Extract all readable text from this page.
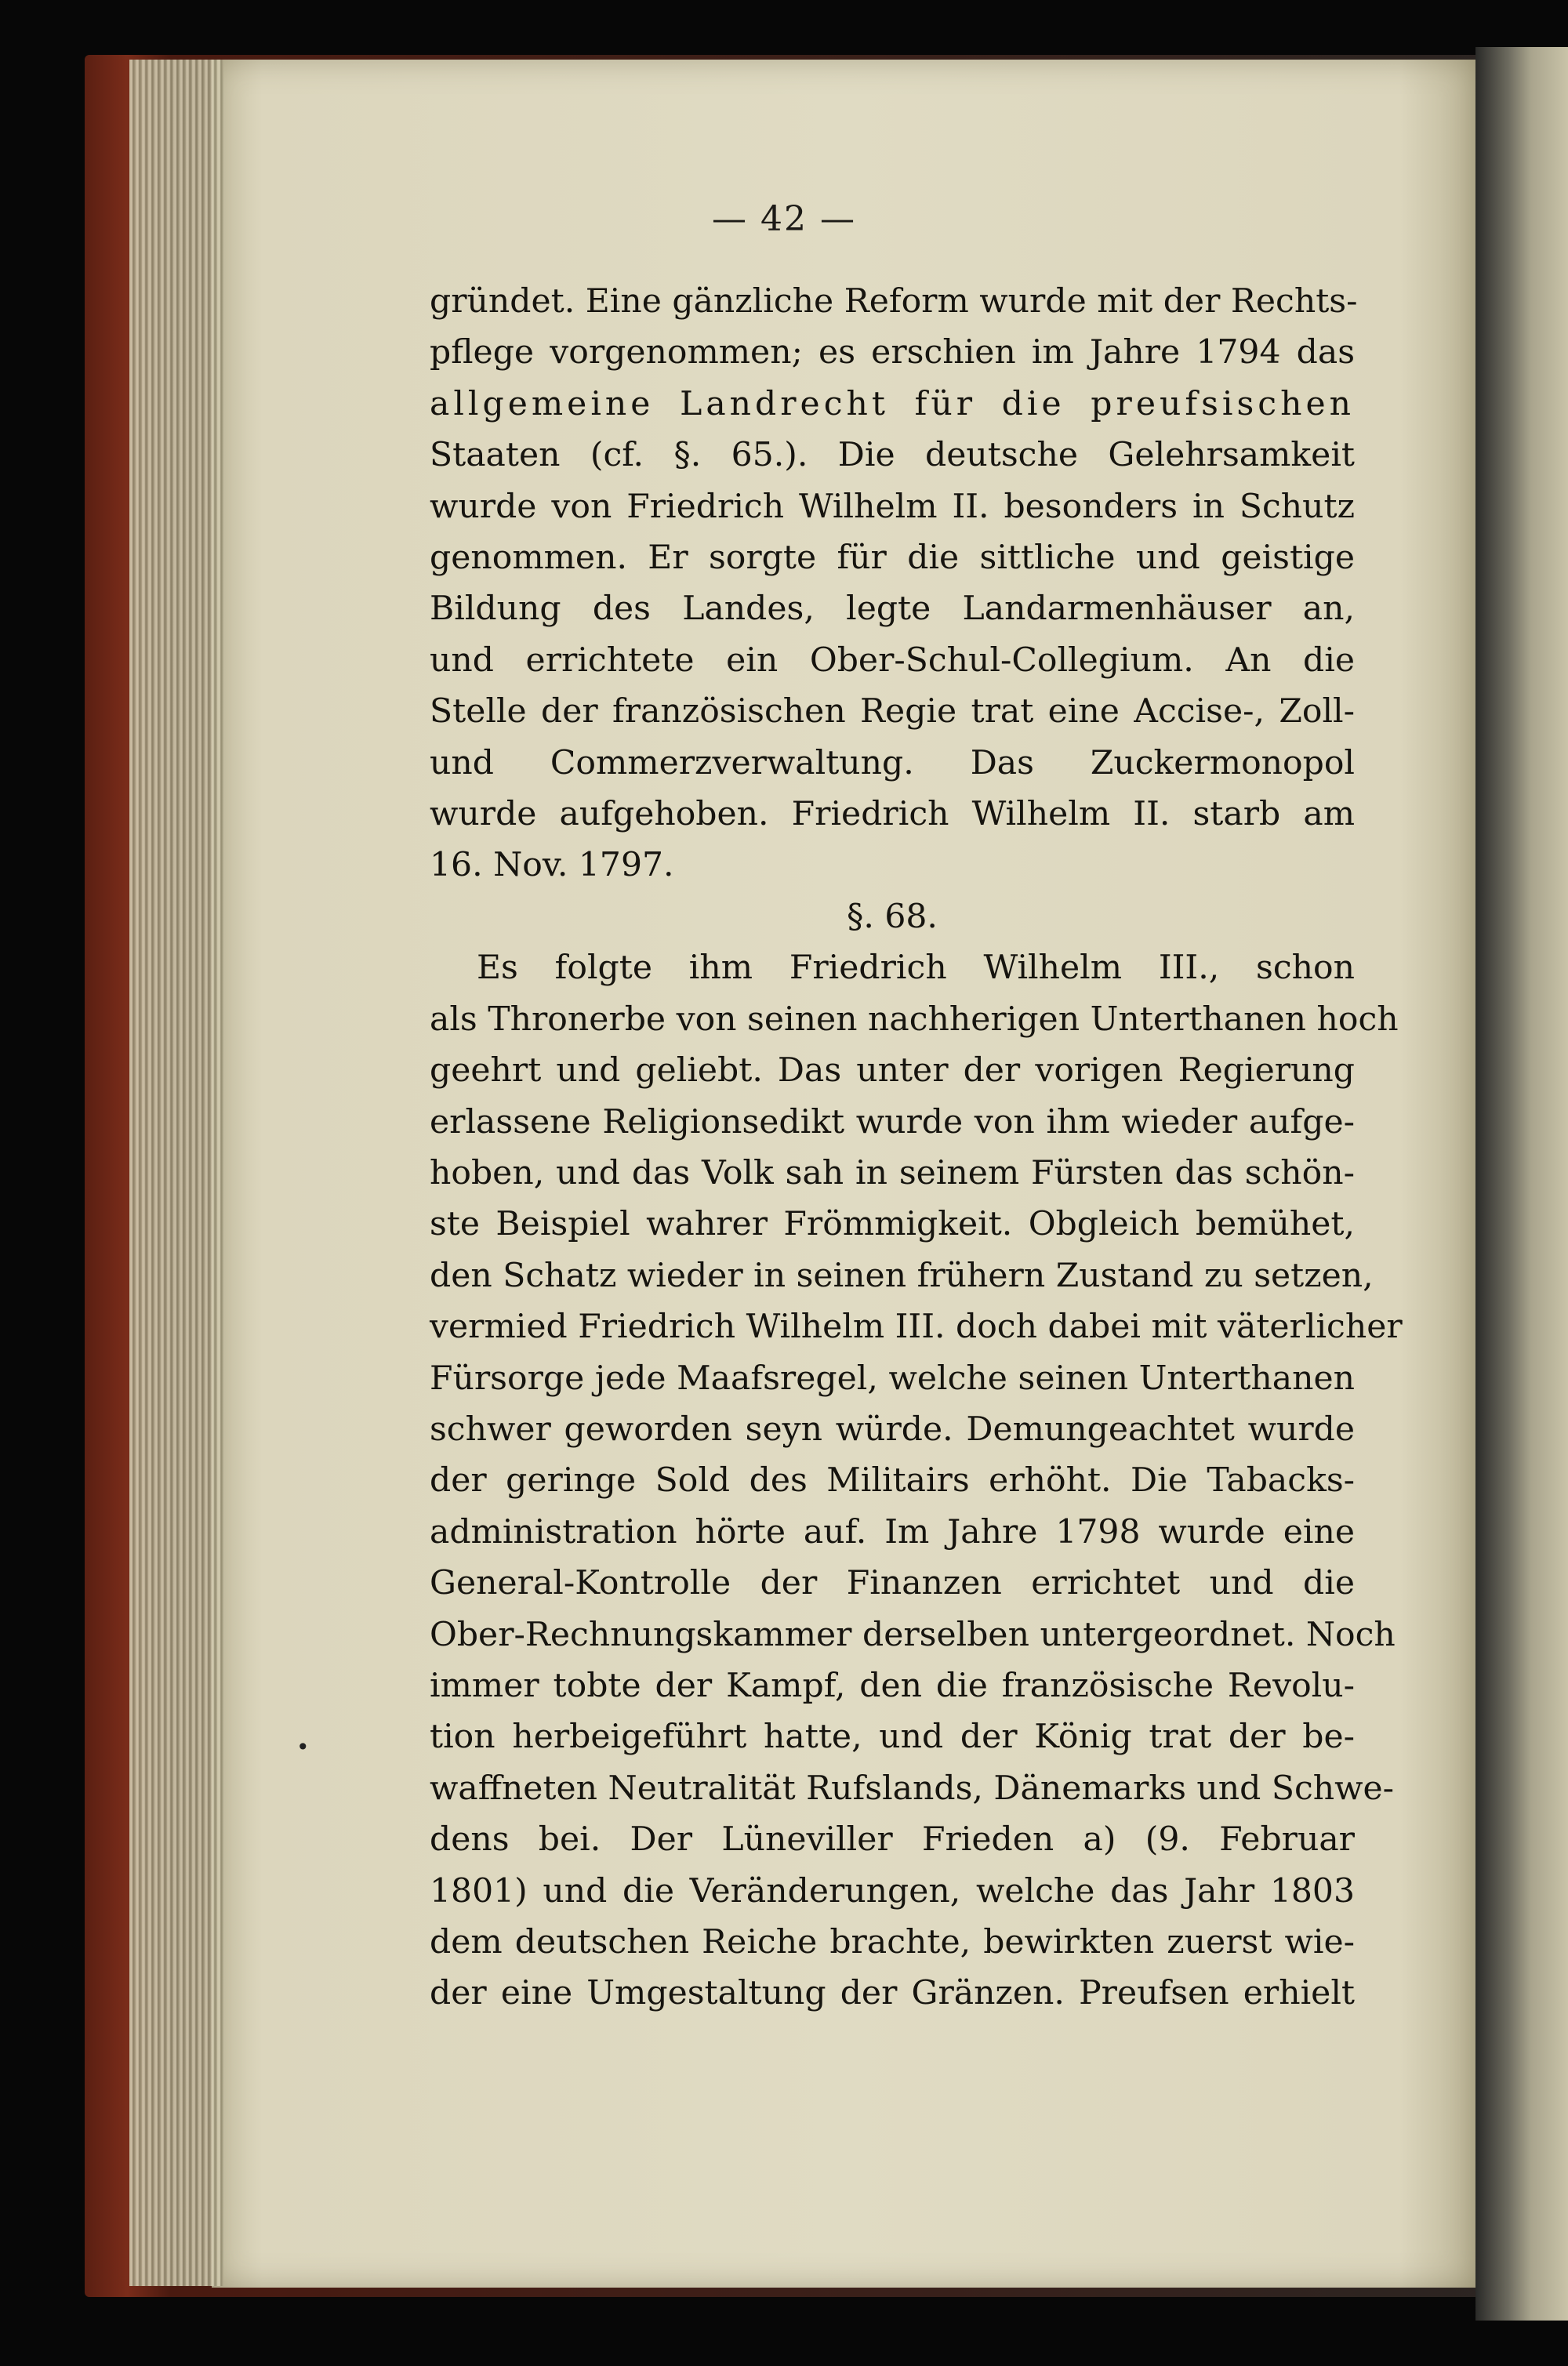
— 42 —
gründet. Eine gänzliche Reform wurde mit der Rechts-
pflege vorgenommen; es erschien im Jahre 1794 das
allgemeine Landrecht für die preufsischen
Staaten (cf. §. 65.). Die deutsche Gelehrsamkeit
wurde von Friedrich Wilhelm II. besonders in Schutz
genommen. Er sorgte für die sittliche und geistige
Bildung des Landes, legte Landarmenhäuser an,
und errichtete ein Ober-Schul-Collegium. An die
Stelle der französischen Regie trat eine Accise-, Zoll-
und Commerzverwaltung. Das Zuckermonopol
wurde aufgehoben. Friedrich Wilhelm II. starb am
16. Nov. 1797.
§. 68.
Es folgte ihm Friedrich Wilhelm III., schon
als Thronerbe von seinen nachherigen Unterthanen hoch
geehrt und geliebt. Das unter der vorigen Regierung
erlassene Religionsedikt wurde von ihm wieder aufge-
hoben, und das Volk sah in seinem Fürsten das schön-
ste Beispiel wahrer Frömmigkeit. Obgleich bemühet,
den Schatz wieder in seinen frühern Zustand zu setzen,
vermied Friedrich Wilhelm III. doch dabei mit väterlicher
Fürsorge jede Maafsregel, welche seinen Unterthanen
schwer geworden seyn würde. Demungeachtet wurde
der geringe Sold des Militairs erhöht. Die Tabacks-
administration hörte auf. Im Jahre 1798 wurde eine
General-Kontrolle der Finanzen errichtet und die
Ober-Rechnungskammer derselben untergeordnet. Noch
immer tobte der Kampf, den die französische Revolu-
tion herbeigeführt hatte, und der König trat der be-
waffneten Neutralität Rufslands, Dänemarks und Schwe-
dens bei. Der Lüneviller Frieden a) (9. Februar
1801) und die Veränderungen, welche das Jahr 1803
dem deutschen Reiche brachte, bewirkten zuerst wie-
der eine Umgestaltung der Gränzen. Preufsen erhielt
•
